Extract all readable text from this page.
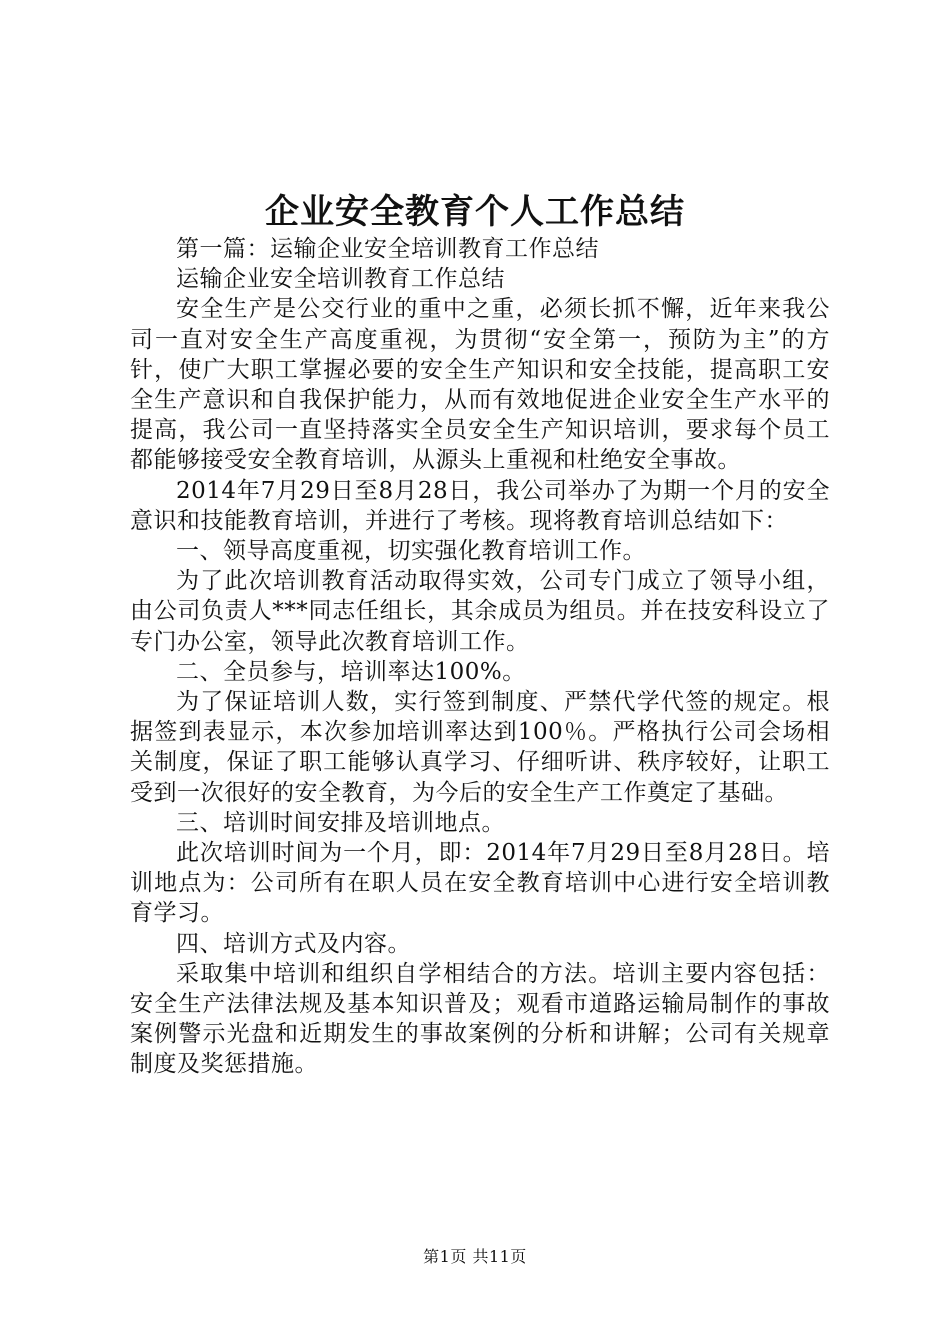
企业安全教育个人工作总结

第一篇：运输企业安全培训教育工作总结

运输企业安全培训教育工作总结

安全生产是公交行业的重中之重，必须长抓不懈，近年来我公司一直对安全生产高度重视，为贯彻“安全第一，预防为主”的方针，使广大职工掌握必要的安全生产知识和安全技能，提高职工安全生产意识和自我保护能力，从而有效地促进企业安全生产水平的提高，我公司一直坚持落实全员安全生产知识培训，要求每个员工都能够接受安全教育培训，从源头上重视和杜绝安全事故。

2014年7月29日至8月28日，我公司举办了为期一个月的安全意识和技能教育培训，并进行了考核。现将教育培训总结如下：

一、领导高度重视，切实强化教育培训工作。

为了此次培训教育活动取得实效，公司专门成立了领导小组，由公司负责人***同志任组长，其余成员为组员。并在技安科设立了专门办公室，领导此次教育培训工作。

二、全员参与，培训率达100%。

为了保证培训人数，实行签到制度、严禁代学代签的规定。根据签到表显示，本次参加培训率达到100％。严格执行公司会场相关制度，保证了职工能够认真学习、仔细听讲、秩序较好，让职工受到一次很好的安全教育，为今后的安全生产工作奠定了基础。

三、培训时间安排及培训地点。

此次培训时间为一个月，即：2014年7月29日至8月28日。培训地点为：公司所有在职人员在安全教育培训中心进行安全培训教育学习。

四、培训方式及内容。

采取集中培训和组织自学相结合的方法。培训主要内容包括：安全生产法律法规及基本知识普及；观看市道路运输局制作的事故案例警示光盘和近期发生的事故案例的分析和讲解；公司有关规章制度及奖惩措施。

第1页 共11页
